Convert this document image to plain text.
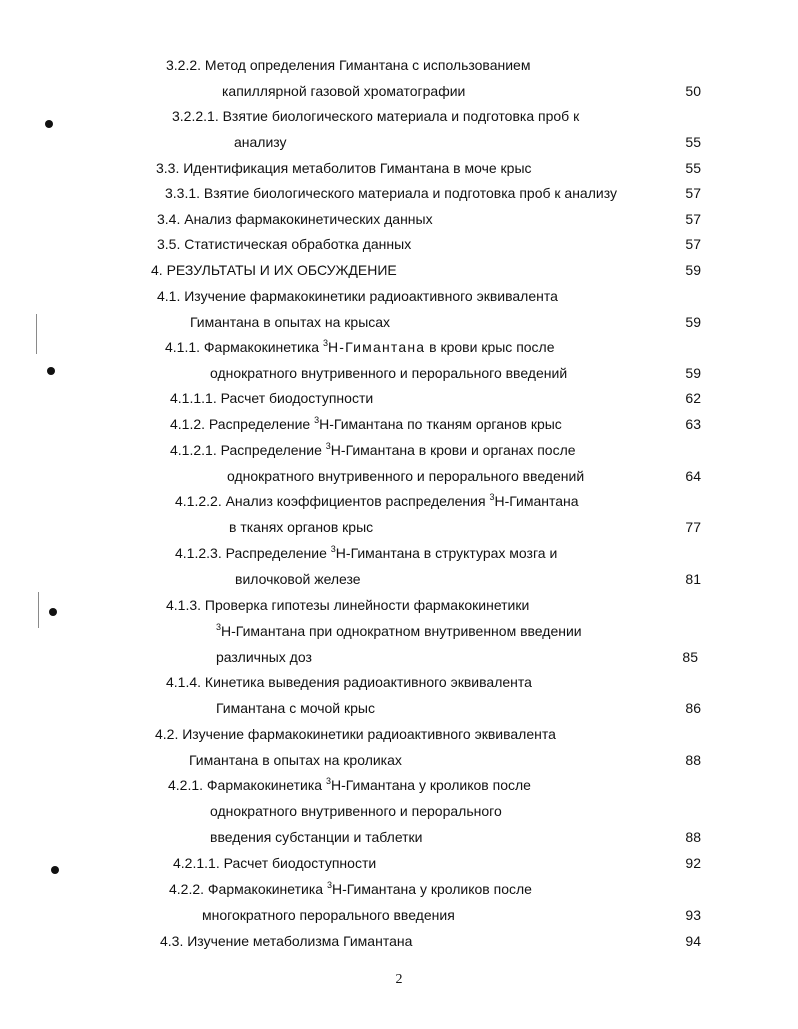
3.2.2. Метод определения Гимантана с использованием
капиллярной газовой хроматографии	50
3.2.2.1. Взятие биологического материала и подготовка проб к
анализу	55
3.3. Идентификация метаболитов Гимантана в моче крыс	55
3.3.1. Взятие биологического материала и подготовка проб к анализу	57
3.4. Анализ фармакокинетических данных	57
3.5. Статистическая обработка данных	57
4. РЕЗУЛЬТАТЫ И ИХ ОБСУЖДЕНИЕ	59
4.1. Изучение фармакокинетики радиоактивного эквивалента
Гимантана в опытах на крысах	59
4.1.1. Фармакокинетика $^3$Н-Гимантана в крови крыс после
однократного внутривенного и перорального введений	59
4.1.1.1. Расчет биодоступности	62
4.1.2. Распределение $^3$Н-Гимантана по тканям органов крыс	63
4.1.2.1. Распределение $^3$Н-Гимантана в крови и органах после
однократного внутривенного и перорального введений	64
4.1.2.2. Анализ коэффициентов распределения $^3$Н-Гимантана
в тканях органов крыс	77
4.1.2.3. Распределение $^3$Н-Гимантана в структурах мозга и
вилочковой железе	81
4.1.3. Проверка гипотезы линейности фармакокинетики
$^3$Н-Гимантана при однократном внутривенном введении
различных доз	85
4.1.4. Кинетика выведения радиоактивного эквивалента
Гимантана с мочой крыс	86
4.2. Изучение фармакокинетики радиоактивного эквивалента
Гимантана в опытах на кроликах	88
4.2.1. Фармакокинетика $^3$Н-Гимантана у кроликов после
однократного внутривенного и перорального
введения субстанции и таблетки	88
4.2.1.1. Расчет биодоступности	92
4.2.2. Фармакокинетика $^3$Н-Гимантана у кроликов после
многократного перорального введения	93
4.3. Изучение метаболизма Гимантана	94
2
